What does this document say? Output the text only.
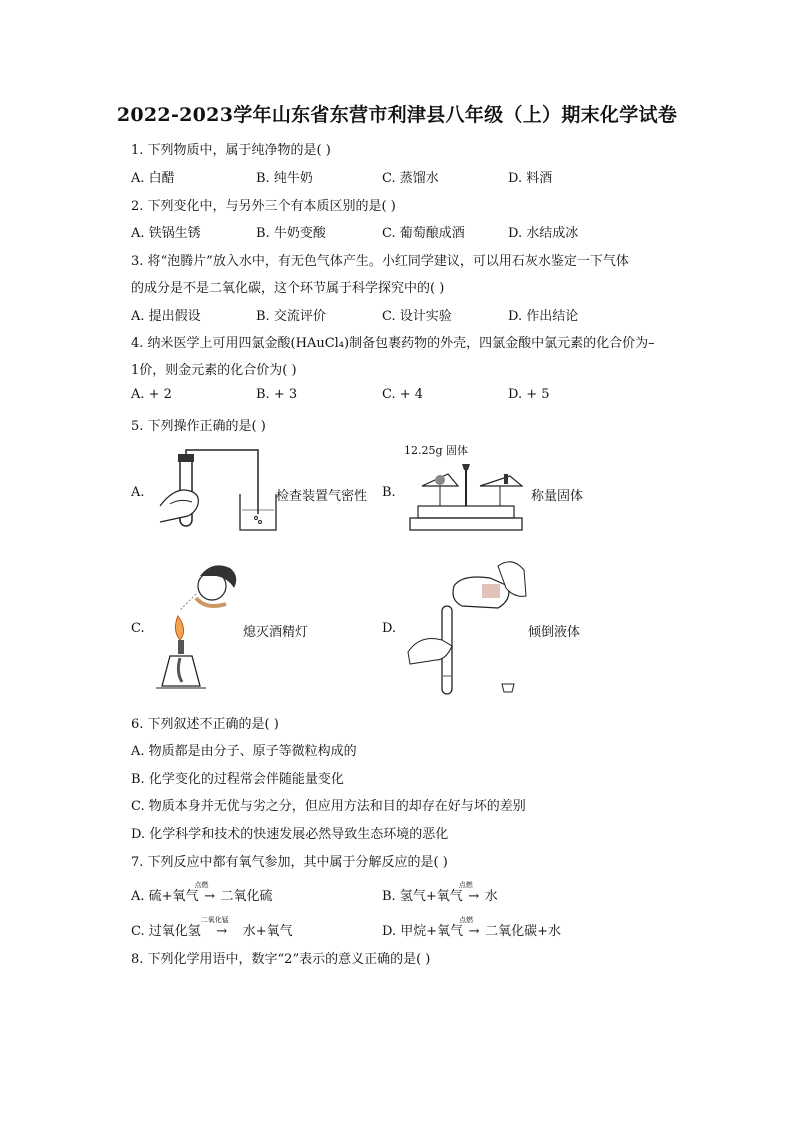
2022-2023学年山东省东营市利津县八年级（上）期末化学试卷
1. 下列物质中，属于纯净物的是( )
A. 白醋	B. 纯牛奶	C. 蒸馏水	D. 料酒
2. 下列变化中，与另外三个有本质区别的是( )
A. 铁锅生锈	B. 牛奶变酸	C. 葡萄酿成酒	D. 水结成冰
3. 将“泡腾片”放入水中，有无色气体产生。小红同学建议，可以用石灰水鉴定一下气体
的成分是不是二氧化碳，这个环节属于科学探究中的( )
A. 提出假设	B. 交流评价	C. 设计实验	D. 作出结论
4. 纳米医学上可用四氯金酸(HAuCl₄)制备包裹药物的外壳，四氯金酸中氯元素的化合价为–
1价，则金元素的化合价为( )
A. + 2	B. + 3	C. + 4	D. + 5
5. 下列操作正确的是( )
A.	检查装置气密性 B.
12.25g 固体
称量固体
C.	熄灭酒精灯	D.	倾倒液体
6. 下列叙述不正确的是( )
A. 物质都是由分子、原子等微粒构成的
B. 化学变化的过程常会伴随能量变化
C. 物质本身并无优与劣之分，但应用方法和目的却存在好与坏的差别
D. 化学科学和技术的快速发展必然导致生态环境的恶化
7. 下列反应中都有氧气参加，其中属于分解反应的是( )
A. 硫+氧气
点燃
→ 二氧化硫	B. 氢气+氧气
点燃
→ 水
C. 过氧化氢
二氧化锰
→ 水+氧气	D. 甲烷+氧气
点燃
→ 二氧化碳+水
8. 下列化学用语中，数字“2”表示的意义正确的是( )
